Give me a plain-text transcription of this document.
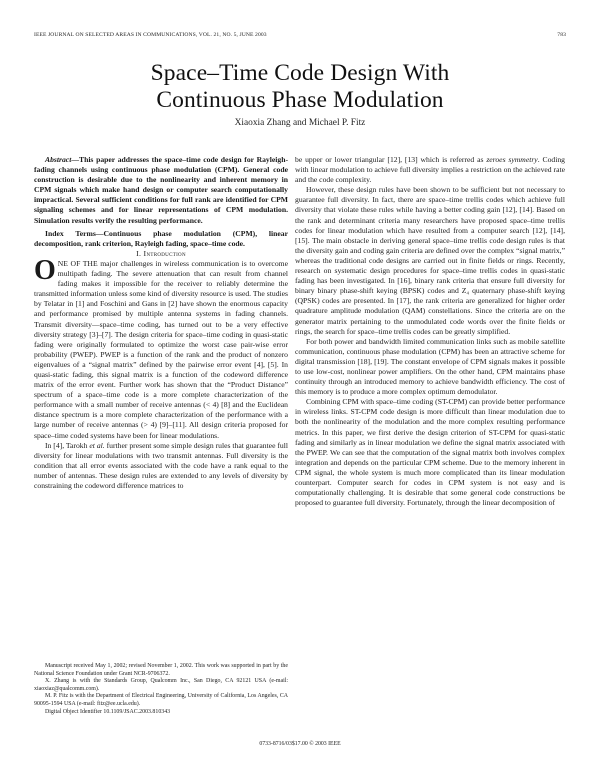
IEEE JOURNAL ON SELECTED AREAS IN COMMUNICATIONS, VOL. 21, NO. 5, JUNE 2003	783
Space–Time Code Design With
Continuous Phase Modulation
Xiaoxia Zhang and Michael P. Fitz

Abstract—This paper addresses the space–time code design for Rayleigh-fading channels using continuous phase modulation (CPM). General code construction is desirable due to the nonlinearity and inherent memory in CPM signals which make hand design or computer search computationally impractical. Several sufficient conditions for full rank are identified for CPM signaling schemes and for linear representations of CPM modulation. Simulation results verify the resulting performance.

Index Terms—Continuous phase modulation (CPM), linear decomposition, rank criterion, Rayleigh fading, space–time code.

I. Introduction

ONE OF THE major challenges in wireless communication is to overcome multipath fading. The severe attenuation that can result from channel fading makes it impossible for the receiver to reliably determine the transmitted information unless some kind of diversity resource is used. The studies by Telatar in [1] and Foschini and Gans in [2] have shown the enormous capacity and performance promised by multiple antenna systems in fading channels. Transmit diversity—space–time coding, has turned out to be a very effective diversity strategy [3]–[7]. The design criteria for space–time coding in quasi-static fading were originally formulated to optimize the worst case pair-wise error probability (PWEP). PWEP is a function of the rank and the product of nonzero eigenvalues of a “signal matrix” defined by the pairwise error event [4], [5]. In quasi-static fading, this signal matrix is a function of the codeword difference matrix of the error event. Further work has shown that the “Product Distance” spectrum of a space–time code is a more complete characterization of the performance with a small number of receive antennas (< 4) [8] and the Euclidean distance spectrum is a more complete characterization of the performance with a large number of receive antennas (> 4) [9]–[11]. All design criteria proposed for space–time coded systems have been for linear modulations.

In [4], Tarokh et al. further present some simple design rules that guarantee full diversity for linear modulations with two transmit antennas. Full diversity is the condition that all error events associated with the code have a rank equal to the number of antennas. These design rules are extended to any levels of diversity by constraining the codeword difference matrices to

Manuscript received May 1, 2002; revised November 1, 2002. This work was supported in part by the National Science Foundation under Grant NCR-9706372.

X. Zhang is with the Standards Group, Qualcomm Inc., San Diego, CA 92121 USA (e-mail: xiaoxiaz@qualcomm.com).

M. P. Fitz is with the Department of Electrical Engineering, University of California, Los Angeles, CA 90095-1594 USA (e-mail: fitz@ee.ucla.edu).

Digital Object Identifier 10.1109/JSAC.2003.810343

be upper or lower triangular [12], [13] which is referred as zeroes symmetry. Coding with linear modulation to achieve full diversity implies a restriction on the achieved rate and the code complexity.

However, these design rules have been shown to be sufficient but not necessary to guarantee full diversity. In fact, there are space–time trellis codes which achieve full diversity that violate these rules while having a better coding gain [12], [14]. Based on the rank and determinant criteria many researchers have proposed space–time trellis codes for linear modulation which have resulted from a computer search [12], [14], [15]. The main obstacle in deriving general space–time trellis code design rules is that the diversity gain and coding gain criteria are defined over the complex “signal matrix,” whereas the traditional code designs are carried out in finite fields or rings. Recently, research on systematic design procedures for space–time trellis codes in quasi-static fading has been investigated. In [16], binary rank criteria that ensure full diversity for binary binary phase-shift keying (BPSK) codes and Z₄ quaternary phase-shift keying (QPSK) codes are presented. In [17], the rank criteria are generalized for higher order quadrature amplitude modulation (QAM) constellations. Since the criteria are on the generator matrix pertaining to the unmodulated code words over the finite fields or rings, the search for space–time trellis codes can be greatly simplified.

For both power and bandwidth limited communication links such as mobile satellite communication, continuous phase modulation (CPM) has been an attractive scheme for digital transmission [18], [19]. The constant envelope of CPM signals makes it possible to use low-cost, nonlinear power amplifiers. On the other hand, CPM maintains phase continuity through an introduced memory to achieve bandwidth efficiency. The cost of this memory is to produce a more complex optimum demodulator.

Combining CPM with space–time coding (ST-CPM) can provide better performance in wireless links. ST-CPM code design is more difficult than linear modulation due to both the nonlinearity of the modulation and the more complex resulting performance metrics. In this paper, we first derive the design criterion of ST-CPM for quasi-static fading and similarly as in linear modulation we define the signal matrix associated with the PWEP. We can see that the computation of the signal matrix both involves complex integration and depends on the particular CPM scheme. Due to the memory inherent in CPM signal, the whole system is much more complicated than its linear modulation counterpart. Computer search for codes in CPM system is not easy and is computationally challenging. It is desirable that some general code constructions be proposed to guarantee full diversity. Fortunately, through the linear decomposition of

0733-8716/03$17.00 © 2003 IEEE
